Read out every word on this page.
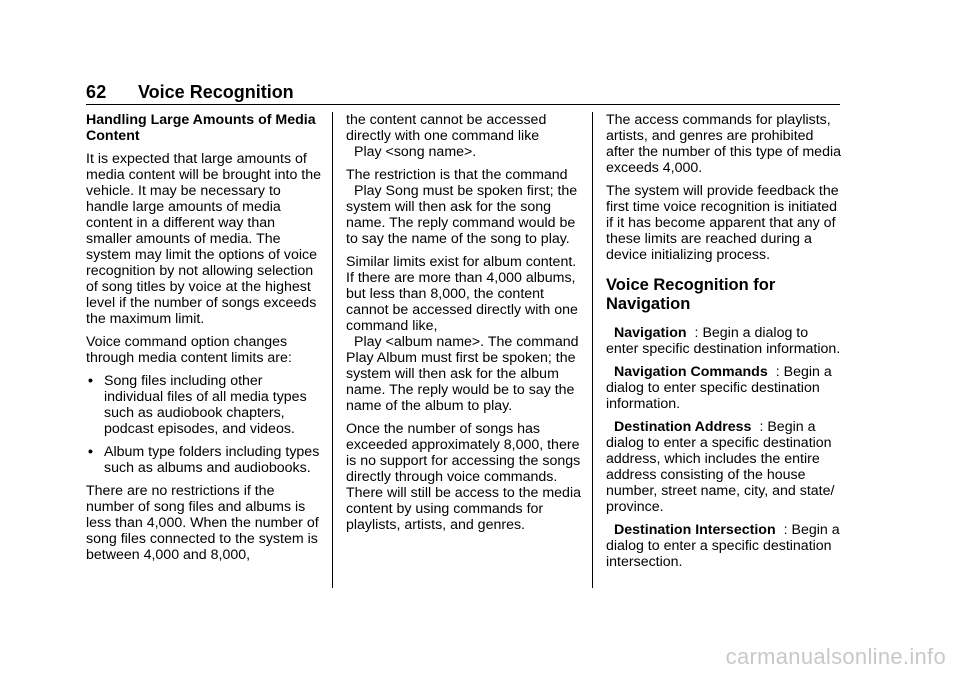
62 Voice Recognition
Handling Large Amounts of Media
Content

It is expected that large amounts of media content will be brought into the vehicle. It may be necessary to handle large amounts of media content in a different way than smaller amounts of media. The system may limit the options of voice recognition by not allowing selection of song titles by voice at the highest level if the number of songs exceeds the maximum limit.

Voice command option changes through media content limits are:

• Song files including other individual files of all media types such as audiobook chapters, podcast episodes, and videos.
• Album type folders including types such as albums and audiobooks.

There are no restrictions if the number of song files and albums is less than 4,000. When the number of song files connected to the system is between 4,000 and 8,000,

the content cannot be accessed directly with one command like
Play <song name>.

The restriction is that the command
Play Song must be spoken first; the system will then ask for the song name. The reply command would be to say the name of the song to play.

Similar limits exist for album content. If there are more than 4,000 albums, but less than 8,000, the content cannot be accessed directly with one command like,
Play <album name>. The command Play Album must first be spoken; the system will then ask for the album name. The reply would be to say the name of the album to play.

Once the number of songs has exceeded approximately 8,000, there is no support for accessing the songs directly through voice commands. There will still be access to the media content by using commands for playlists, artists, and genres.

The access commands for playlists, artists, and genres are prohibited after the number of this type of media exceeds 4,000.

The system will provide feedback the first time voice recognition is initiated if it has become apparent that any of these limits are reached during a device initializing process.

Voice Recognition for Navigation

Navigation : Begin a dialog to enter specific destination information.

Navigation Commands : Begin a dialog to enter specific destination information.

Destination Address : Begin a dialog to enter a specific destination address, which includes the entire address consisting of the house number, street name, city, and state/ province.

Destination Intersection : Begin a dialog to enter a specific destination intersection.

carmanualsonline.info
